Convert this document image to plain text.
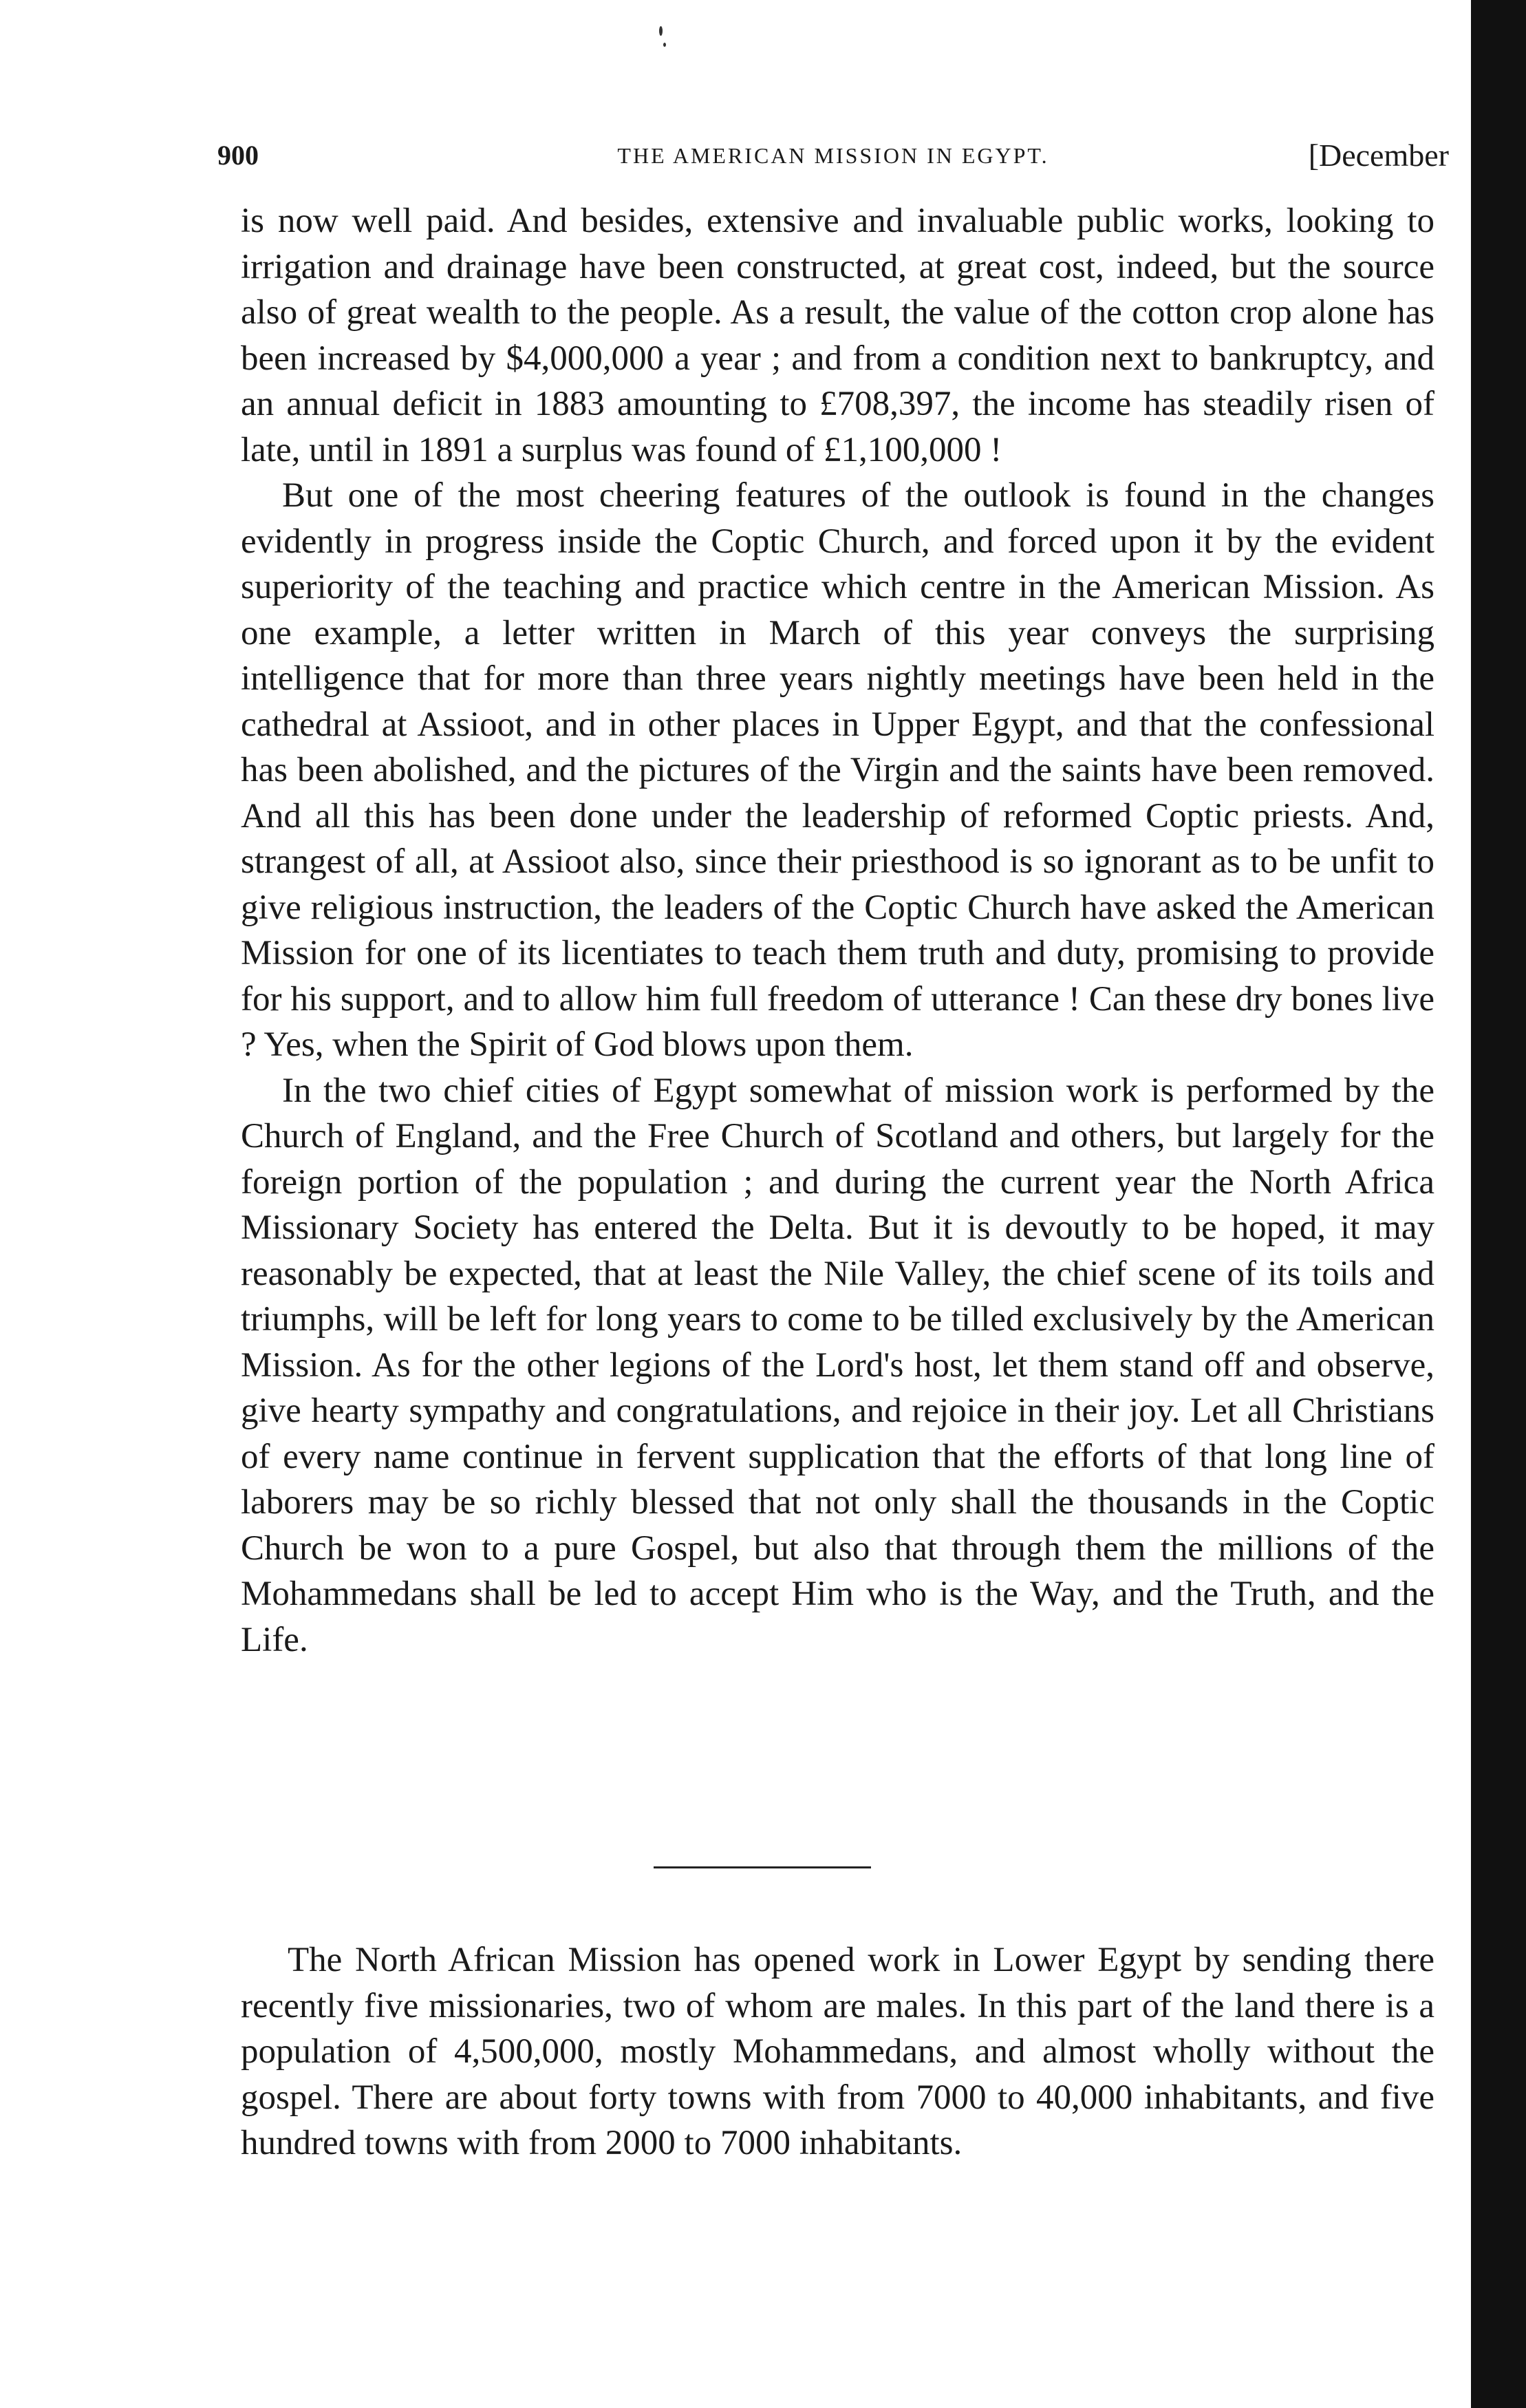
900	THE AMERICAN MISSION IN EGYPT.	[December

is now well paid. And besides, extensive and invaluable public works, looking to irrigation and drainage have been constructed, at great cost, indeed, but the source also of great wealth to the people. As a result, the value of the cotton crop alone has been increased by $4,000,000 a year ; and from a condition next to bankruptcy, and an annual deficit in 1883 amounting to £708,397, the income has steadily risen of late, until in 1891 a surplus was found of £1,100,000 !

But one of the most cheering features of the outlook is found in the changes evidently in progress inside the Coptic Church, and forced upon it by the evident superiority of the teaching and practice which centre in the American Mission. As one example, a letter written in March of this year conveys the surprising intelligence that for more than three years nightly meetings have been held in the cathedral at Assioot, and in other places in Upper Egypt, and that the confessional has been abolished, and the pictures of the Virgin and the saints have been removed. And all this has been done under the leadership of reformed Coptic priests. And, strangest of all, at Assioot also, since their priesthood is so ignorant as to be unfit to give religious instruction, the leaders of the Coptic Church have asked the American Mission for one of its licentiates to teach them truth and duty, promising to provide for his support, and to allow him full freedom of utterance ! Can these dry bones live ? Yes, when the Spirit of God blows upon them.

In the two chief cities of Egypt somewhat of mission work is performed by the Church of England, and the Free Church of Scotland and others, but largely for the foreign portion of the population ; and during the current year the North Africa Missionary Society has entered the Delta. But it is devoutly to be hoped, it may reasonably be expected, that at least the Nile Valley, the chief scene of its toils and triumphs, will be left for long years to come to be tilled exclusively by the American Mission. As for the other legions of the Lord's host, let them stand off and observe, give hearty sympathy and congratulations, and rejoice in their joy. Let all Christians of every name continue in fervent supplication that the efforts of that long line of laborers may be so richly blessed that not only shall the thousands in the Coptic Church be won to a pure Gospel, but also that through them the millions of the Mohammedans shall be led to accept Him who is the Way, and the Truth, and the Life.

The North African Mission has opened work in Lower Egypt by sending there recently five missionaries, two of whom are males. In this part of the land there is a population of 4,500,000, mostly Mohammedans, and almost wholly without the gospel. There are about forty towns with from 7000 to 40,000 inhabitants, and five hundred towns with from 2000 to 7000 inhabitants.
